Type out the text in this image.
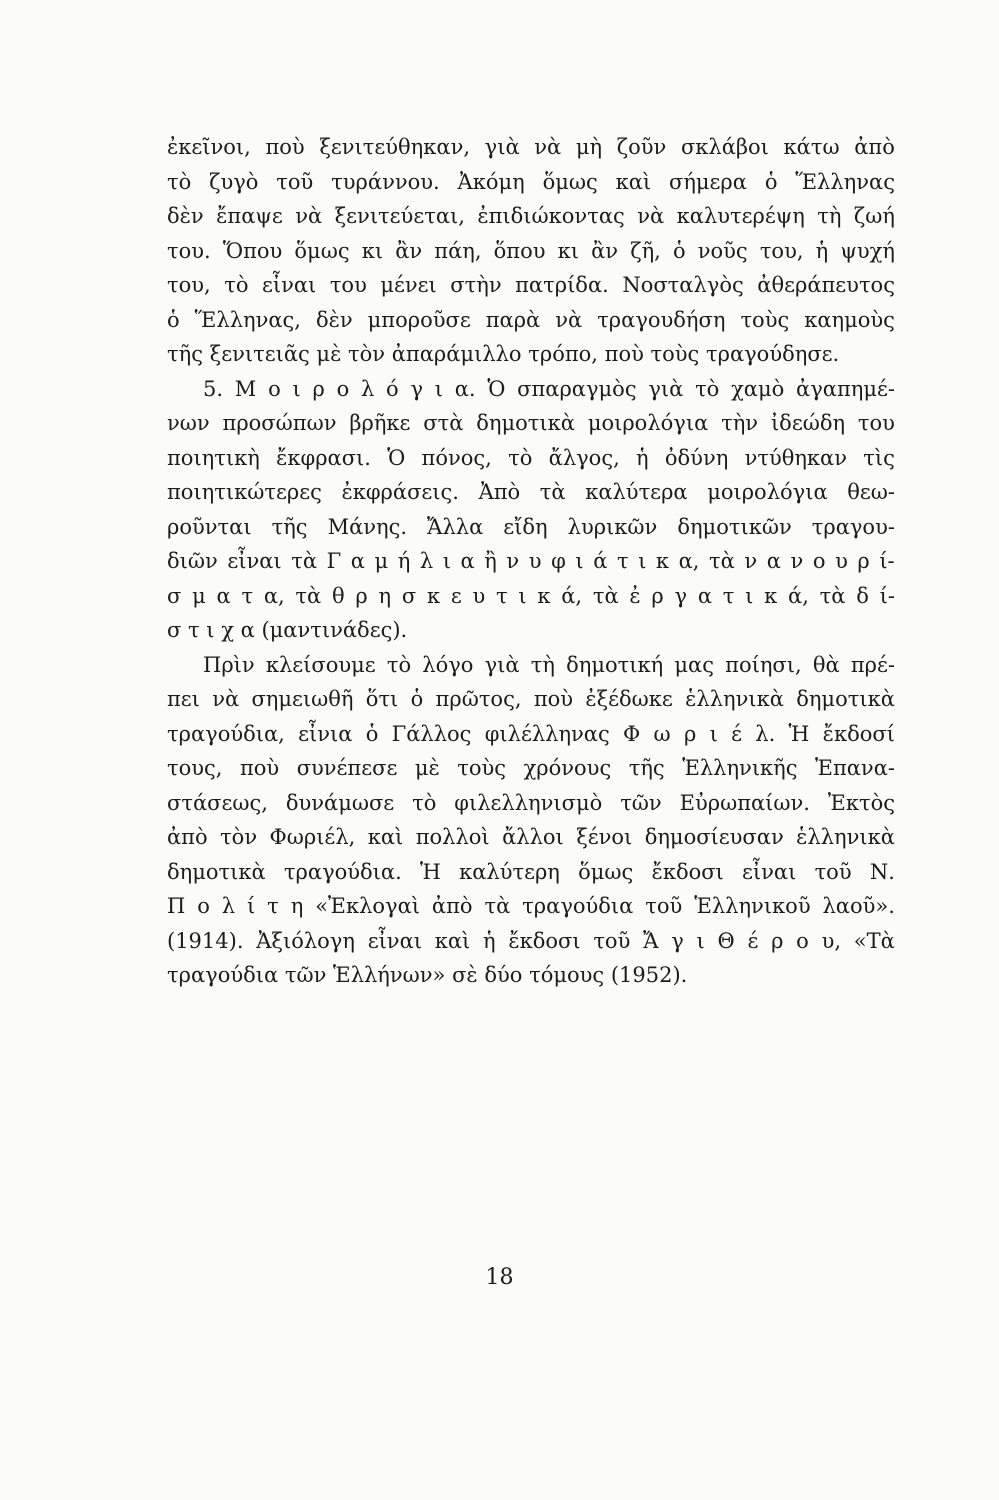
ἐκεῖνοι, ποὺ ξενιτεύθηκαν, γιὰ νὰ μὴ ζοῦν σκλάβοι κάτω ἀπὸ
τὸ ζυγὸ τοῦ τυράννου. Ἀκόμη ὅμως καὶ σήμερα ὁ Ἕλληνας
δὲν ἔπαψε νὰ ξενιτεύεται, ἐπιδιώκοντας νὰ καλυτερέψη τὴ ζωή
του. Ὅπου ὅμως κι ἂν πάη, ὅπου κι ἂν ζῆ, ὁ νοῦς του, ἡ ψυχή
του, τὸ εἶναι του μένει στὴν πατρίδα. Νοσταλγὸς ἀθεράπευτος
ὁ Ἕλληνας, δὲν μποροῦσε παρὰ νὰ τραγουδήση τοὺς καημοὺς
τῆς ξενιτειᾶς μὲ τὸν ἀπαράμιλλο τρόπο, ποὺ τοὺς τραγούδησε.
5. Μ ο ι ρ ο λ ό γ ι α. Ὁ σπαραγμὸς γιὰ τὸ χαμὸ ἀγαπημέ-
νων προσώπων βρῆκε στὰ δημοτικὰ μοιρολόγια τὴν ἰδεώδη του
ποιητικὴ ἔκφρασι. Ὁ πόνος, τὸ ἄλγος, ἡ ὀδύνη ντύθηκαν τὶς
ποιητικώτερες ἐκφράσεις. Ἀπὸ τὰ καλύτερα μοιρολόγια θεω-
ροῦνται τῆς Μάνης. Ἄλλα εἴδη λυρικῶν δημοτικῶν τραγου-
διῶν εἶναι τὰ Γ α μ ή λ ι α ἢ ν υ φ ι ά τ ι κ α, τὰ ν α ν ο υ ρ ί-
σ μ α τ α, τὰ θ ρ η σ κ ε υ τ ι κ ά, τὰ ἐ ρ γ α τ ι κ ά, τὰ δ ί-
σ τ ι χ α (μαντινάδες).
Πρὶν κλείσουμε τὸ λόγο γιὰ τὴ δημοτική μας ποίησι, θὰ πρέ-
πει νὰ σημειωθῆ ὅτι ὁ πρῶτος, ποὺ ἐξέδωκε ἑλληνικὰ δημοτικὰ
τραγούδια, εἶνια ὁ Γάλλος φιλέλληνας Φ ω ρ ι έ λ. Ἡ ἔκδοσί
τους, ποὺ συνέπεσε μὲ τοὺς χρόνους τῆς Ἑλληνικῆς Ἐπανα-
στάσεως, δυνάμωσε τὸ φιλελληνισμὸ τῶν Εὐρωπαίων. Ἐκτὸς
ἀπὸ τὸν Φωριέλ, καὶ πολλοὶ ἄλλοι ξένοι δημοσίευσαν ἑλληνικὰ
δημοτικὰ τραγούδια. Ἡ καλύτερη ὅμως ἔκδοσι εἶναι τοῦ Ν.
Π ο λ ί τ η «Ἐκλογαὶ ἀπὸ τὰ τραγούδια τοῦ Ἑλληνικοῦ λαοῦ».
(1914). Ἀξιόλογη εἶναι καὶ ἡ ἔκδοσι τοῦ Ἄ γ ι Θ έ ρ ο υ, «Τὰ
τραγούδια τῶν Ἑλλήνων» σὲ δύο τόμους (1952).
18
